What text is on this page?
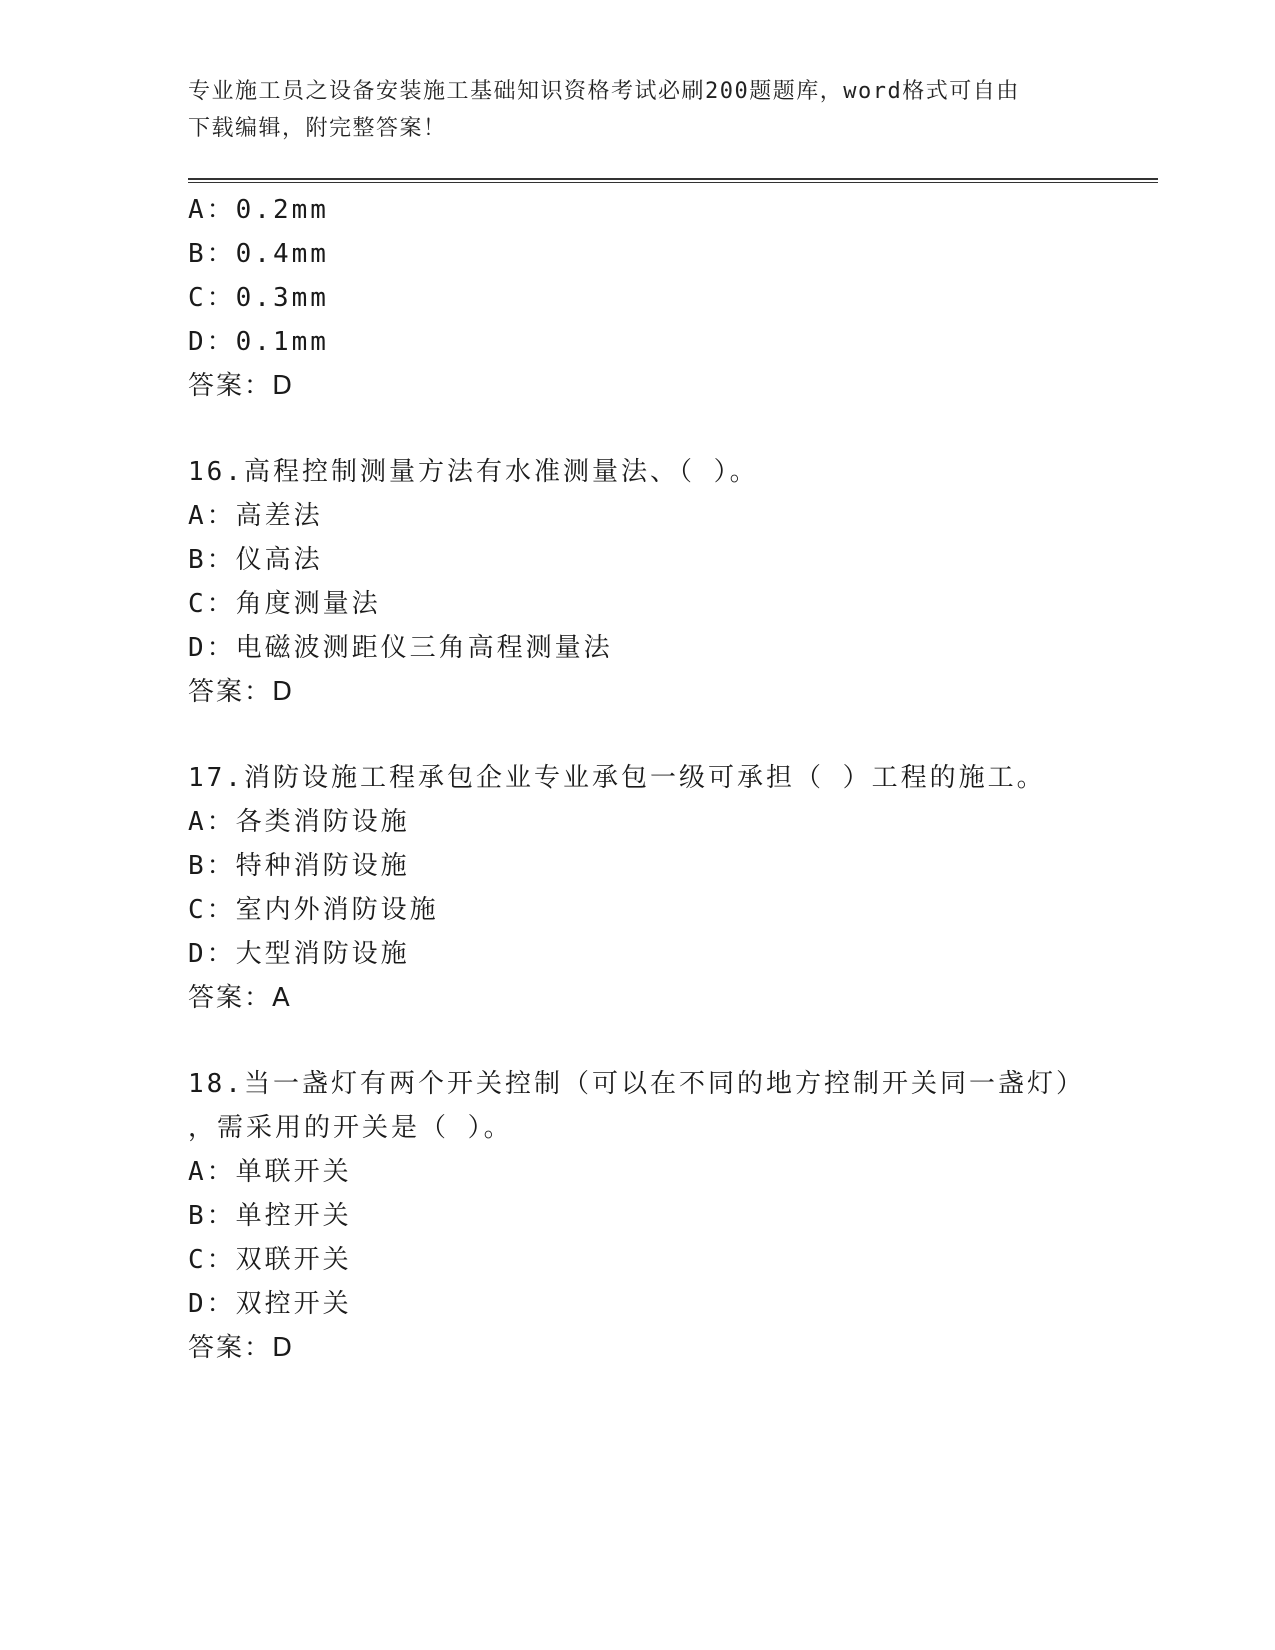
专业施工员之设备安装施工基础知识资格考试必刷200题题库，word格式可自由
下载编辑，附完整答案！
A：0.2mm
B：0.4mm
C：0.3mm
D：0.1mm
答案：D
16.高程控制测量方法有水准测量法、（ ）。
A：高差法
B：仪高法
C：角度测量法
D：电磁波测距仪三角高程测量法
答案：D
17.消防设施工程承包企业专业承包一级可承担（ ）工程的施工。
A：各类消防设施
B：特种消防设施
C：室内外消防设施
D：大型消防设施
答案：A
18.当一盏灯有两个开关控制（可以在不同的地方控制开关同一盏灯）
，需采用的开关是（ ）。
A：单联开关
B：单控开关
C：双联开关
D：双控开关
答案：D
